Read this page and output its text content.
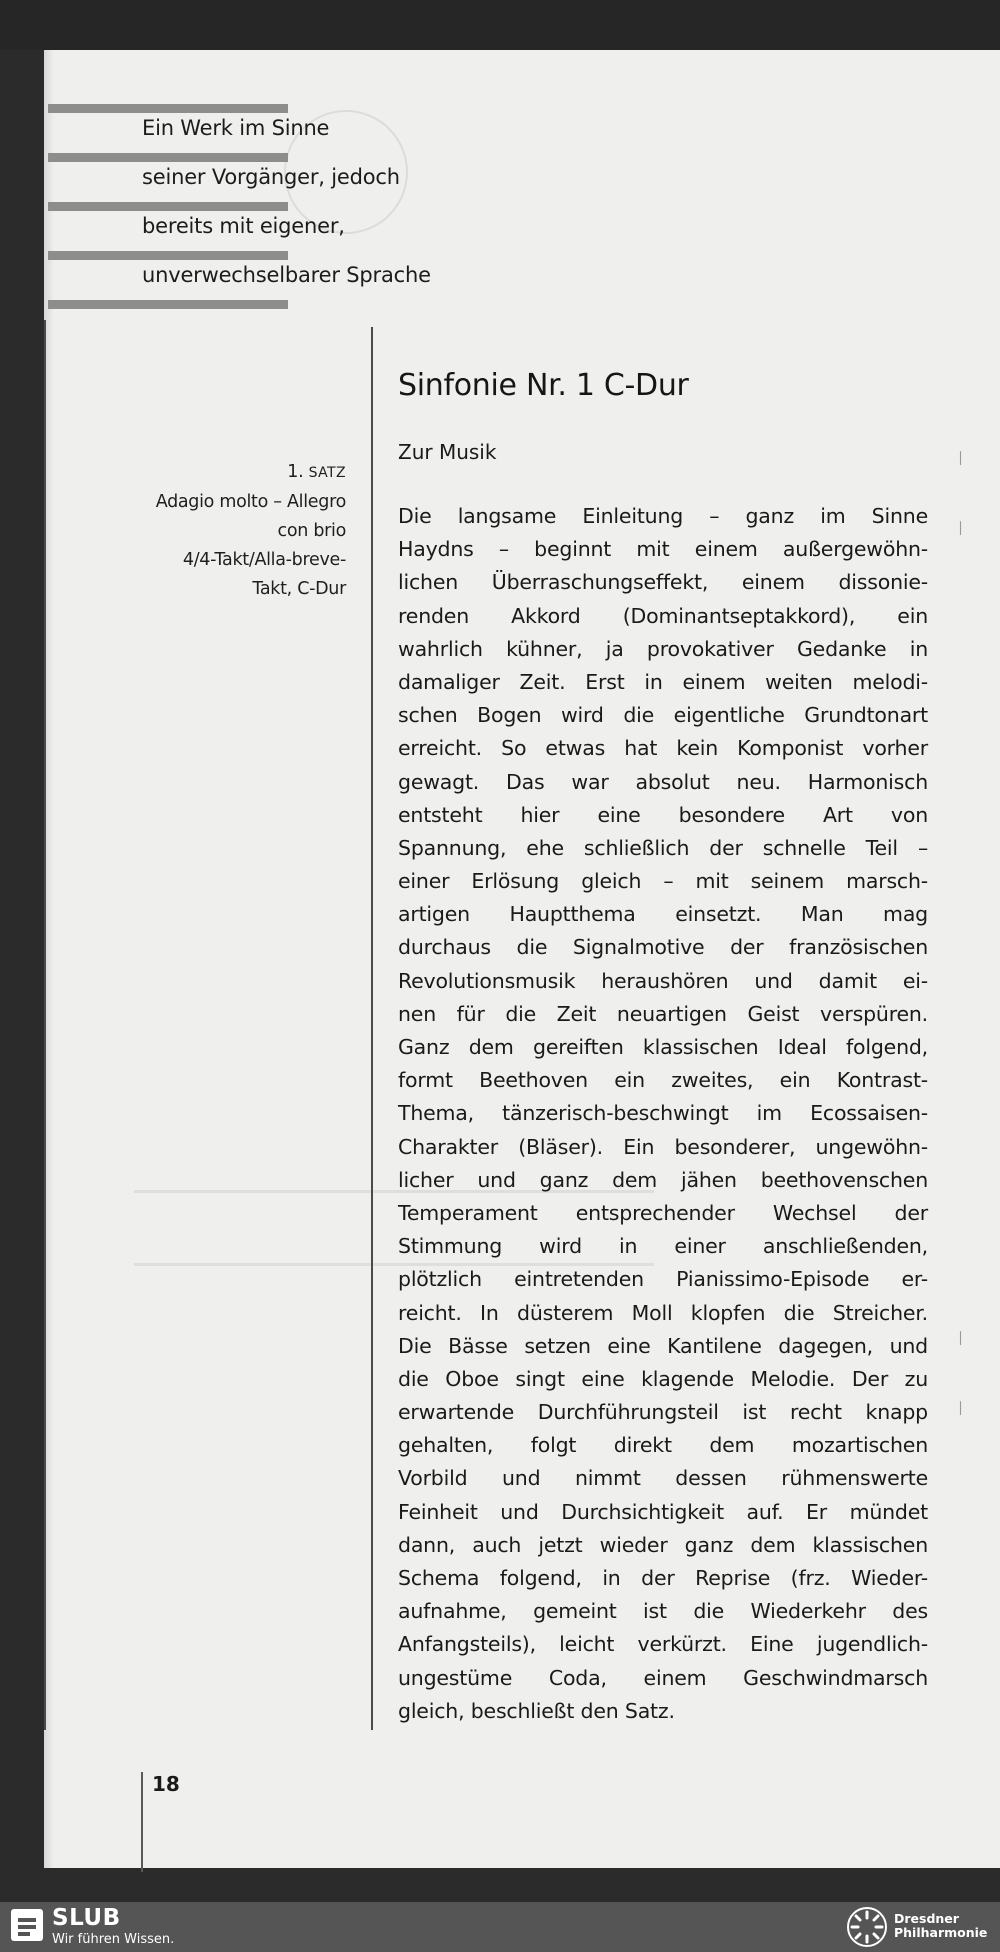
Ein Werk im Sinne
seiner Vorgänger, jedoch
bereits mit eigener,
unverwechselbarer Sprache
1. SATZ
Adagio molto – Allegro
con brio
4/4-Takt/Alla-breve-
Takt, C-Dur
Sinfonie Nr. 1 C-Dur
Zur Musik
Die langsame Einleitung – ganz im Sinne
Haydns – beginnt mit einem außergewöhn-
lichen Überraschungseffekt, einem dissonie-
renden Akkord (Dominantseptakkord), ein
wahrlich kühner, ja provokativer Gedanke in
damaliger Zeit. Erst in einem weiten melodi-
schen Bogen wird die eigentliche Grundtonart
erreicht. So etwas hat kein Komponist vorher
gewagt. Das war absolut neu. Harmonisch
entsteht hier eine besondere Art von
Spannung, ehe schließlich der schnelle Teil –
einer Erlösung gleich – mit seinem marsch-
artigen Hauptthema einsetzt. Man mag
durchaus die Signalmotive der französischen
Revolutionsmusik heraushören und damit ei-
nen für die Zeit neuartigen Geist verspüren.
Ganz dem gereiften klassischen Ideal folgend,
formt Beethoven ein zweites, ein Kontrast-
Thema, tänzerisch-beschwingt im Ecossaisen-
Charakter (Bläser). Ein besonderer, ungewöhn-
licher und ganz dem jähen beethovenschen
Temperament entsprechender Wechsel der
Stimmung wird in einer anschließenden,
plötzlich eintretenden Pianissimo-Episode er-
reicht. In düsterem Moll klopfen die Streicher.
Die Bässe setzen eine Kantilene dagegen, und
die Oboe singt eine klagende Melodie. Der zu
erwartende Durchführungsteil ist recht knapp
gehalten, folgt direkt dem mozartischen
Vorbild und nimmt dessen rühmenswerte
Feinheit und Durchsichtigkeit auf. Er mündet
dann, auch jetzt wieder ganz dem klassischen
Schema folgend, in der Reprise (frz. Wieder-
aufnahme, gemeint ist die Wiederkehr des
Anfangsteils), leicht verkürzt. Eine jugendlich-
ungestüme Coda, einem Geschwindmarsch
gleich, beschließt den Satz.
∣
∣
∣
∣
18
SLUB
Wir führen Wissen.
Dresdner
Philharmonie
